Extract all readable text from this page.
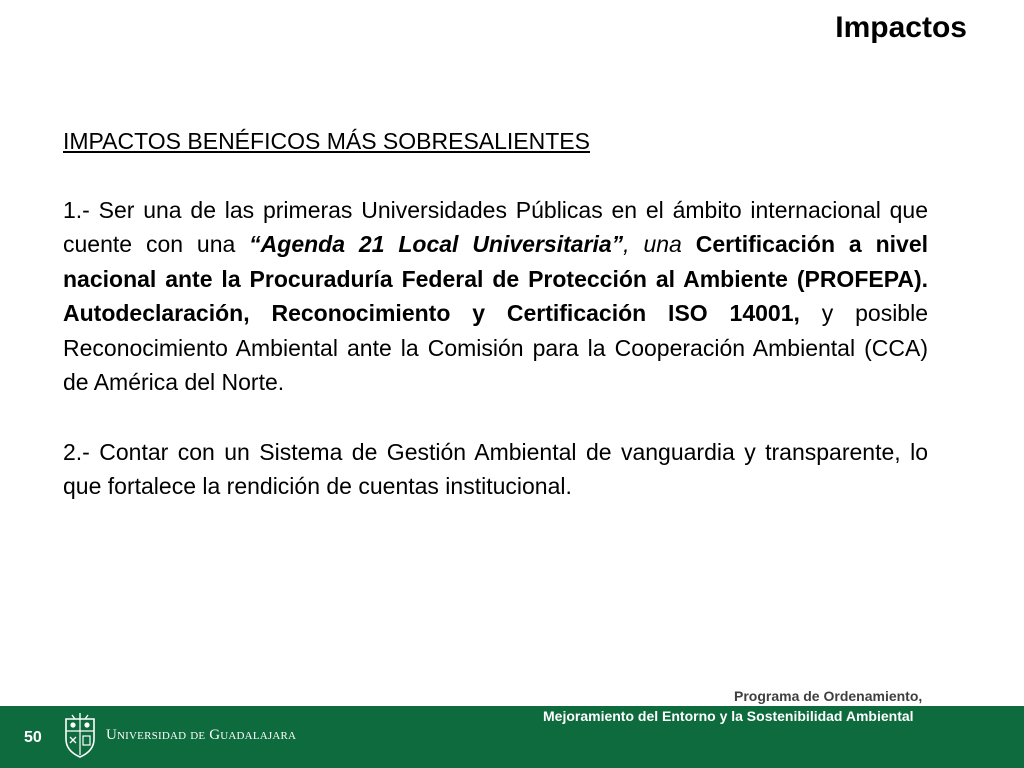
Impactos

IMPACTOS BENÉFICOS MÁS SOBRESALIENTES

1.- Ser una de las primeras Universidades Públicas en el ámbito internacional que cuente con una “Agenda 21 Local Universitaria”, una Certificación a nivel nacional ante la Procuraduría Federal de Protección al Ambiente (PROFEPA). Autodeclaración, Reconocimiento y Certificación ISO 14001, y posible Reconocimiento Ambiental ante la Comisión para la Cooperación Ambiental (CCA) de América del Norte.

2.- Contar con un Sistema de Gestión Ambiental de vanguardia y transparente, lo que fortalece la rendición de cuentas institucional.

Programa de Ordenamiento,
Mejoramiento del Entorno y la Sostenibilidad Ambiental
50	Universidad de Guadalajara
